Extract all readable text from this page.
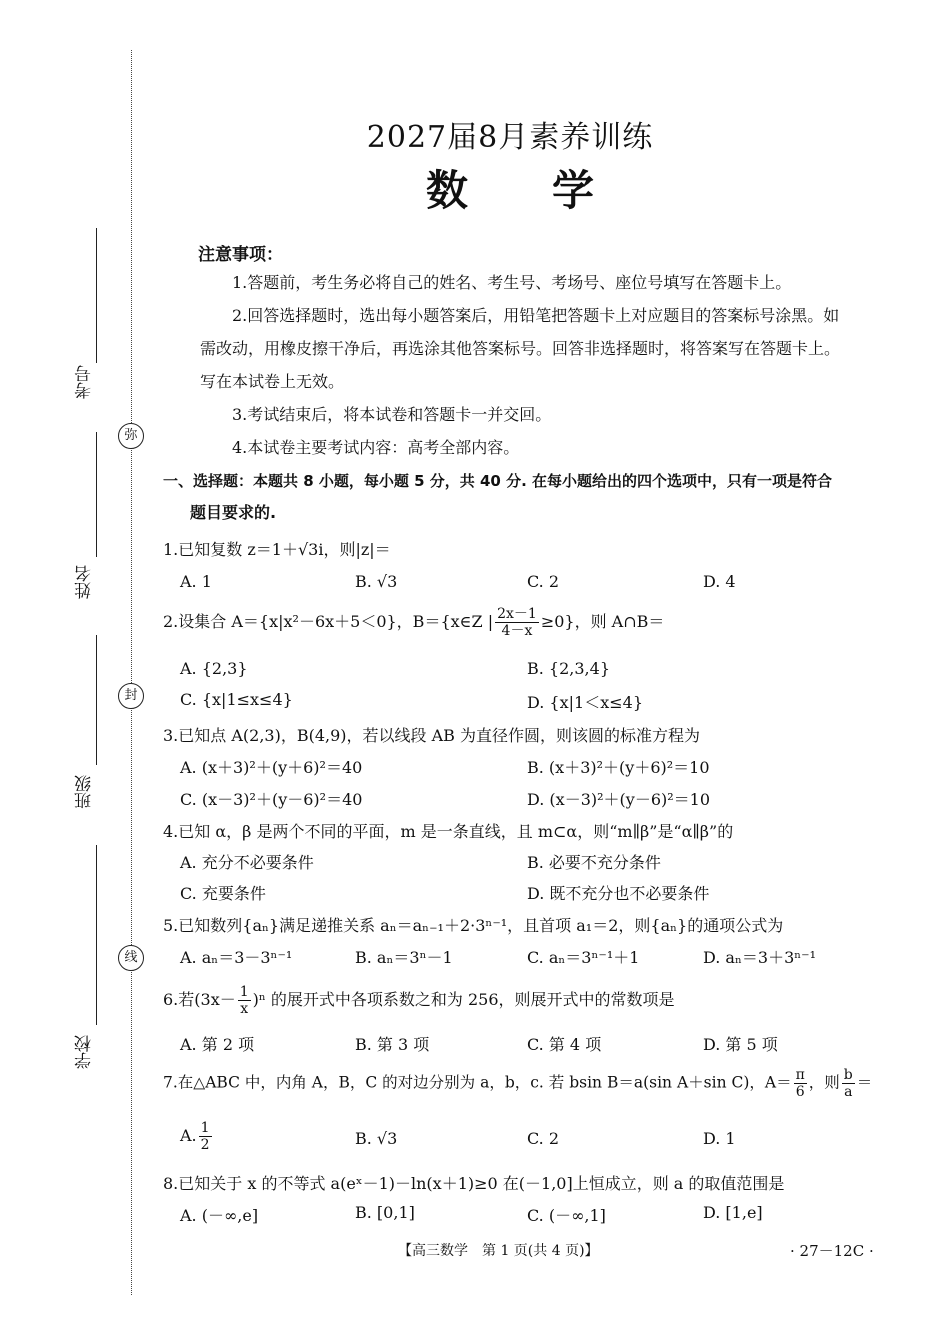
弥
封
线
考号
姓名
班级
学校
2027届8月素养训练
数　　学
注意事项：
1.答题前，考生务必将自己的姓名、考生号、考场号、座位号填写在答题卡上。
2.回答选择题时，选出每小题答案后，用铅笔把答题卡上对应题目的答案标号涂黑。如需改动，用橡皮擦干净后，再选涂其他答案标号。回答非选择题时，将答案写在答题卡上。写在本试卷上无效。
3.考试结束后，将本试卷和答题卡一并交回。
4.本试卷主要考试内容：高考全部内容。
一、选择题：本题共 8 小题，每小题 5 分，共 40 分. 在每小题给出的四个选项中，只有一项是符合
题目要求的.
1.已知复数 z＝1＋√3i，则|z|＝
A. 1	B. √3	C. 2	D. 4
2.设集合 A＝{x|x²－6x＋5＜0}，B＝{x∈Z | $\frac{2x-1}{4-x} \ge 0$}，则 A∩B＝
A. {2,3}	B. {2,3,4}
C. {x|1≤x≤4}	D. {x|1＜x≤4}
3.已知点 A(2,3)，B(4,9)，若以线段 AB 为直径作圆，则该圆的标准方程为
A. (x＋3)²＋(y＋6)²＝40	B. (x＋3)²＋(y＋6)²＝10
C. (x－3)²＋(y－6)²＝40	D. (x－3)²＋(y－6)²＝10
4.已知 α，β 是两个不同的平面，m 是一条直线，且 m⊂α，则“m∥β”是“α∥β”的
A. 充分不必要条件	B. 必要不充分条件
C. 充要条件	D. 既不充分也不必要条件
5.已知数列{aₙ}满足递推关系 aₙ＝aₙ₋₁＋2·3ⁿ⁻¹，且首项 a₁＝2，则{aₙ}的通项公式为
A. aₙ＝3－3ⁿ⁻¹	B. aₙ＝3ⁿ－1	C. aₙ＝3ⁿ⁻¹＋1	D. aₙ＝3＋3ⁿ⁻¹
6.若$(3x- \frac{1}{x} )^n$ 的展开式中各项系数之和为 256，则展开式中的常数项是
A. 第 2 项	B. 第 3 项	C. 第 4 项	D. 第 5 项
7.在△ABC 中，内角 A，B，C 的对边分别为 a，b，c. 若 bsin B＝a(sin A＋sin C)，$A= \frac{\pi}{6}$ ，则 $\frac{b}{a}$ ＝
A. $\frac{1}{2}$	B. √3	C. 2	D. 1
8.已知关于 x 的不等式 a(eˣ－1)－ln(x＋1)≥0 在(－1,0]上恒成立，则 a 的取值范围是
A. (－∞,e]	B. [0,1]	C. (－∞,1]	D. [1,e]
【高三数学　第 1 页(共 4 页)】	· 27－12C ·
